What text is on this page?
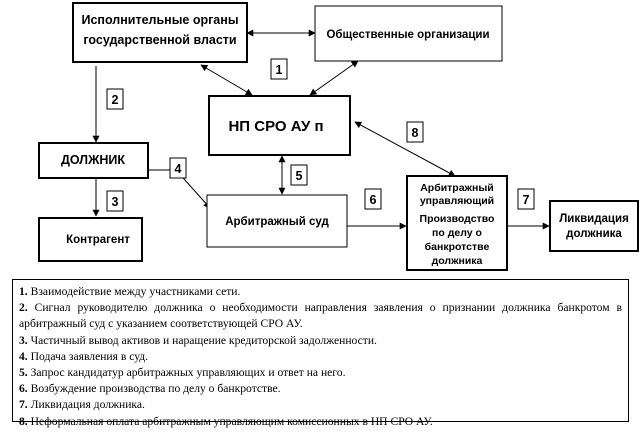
Исполнительные органы
государственной власти	Общественные организации
НП СРО АУ п
ДОЛЖНИК
Контрагент
Арбитражный суд
Арбитражный
управляющий
Производство
по делу о
банкротстве
должника
Ликвидация
должника
1
2
3
4	5
6	7
8
1. Взаимодействие между участниками сети.
2. Сигнал руководителю должника о необходимости направления заявления о признании должника банкротом в арбитражный суд с указанием соответствующей СРО АУ.
3. Частичный вывод активов и наращение кредиторской задолженности.
4. Подача заявления в суд.
5. Запрос кандидатур арбитражных управляющих и ответ на него.
6. Возбуждение производства по делу о банкротстве.
7. Ликвидация должника.
8. Неформальная оплата арбитражным управляющим комиссионных в НП СРО АУ.
